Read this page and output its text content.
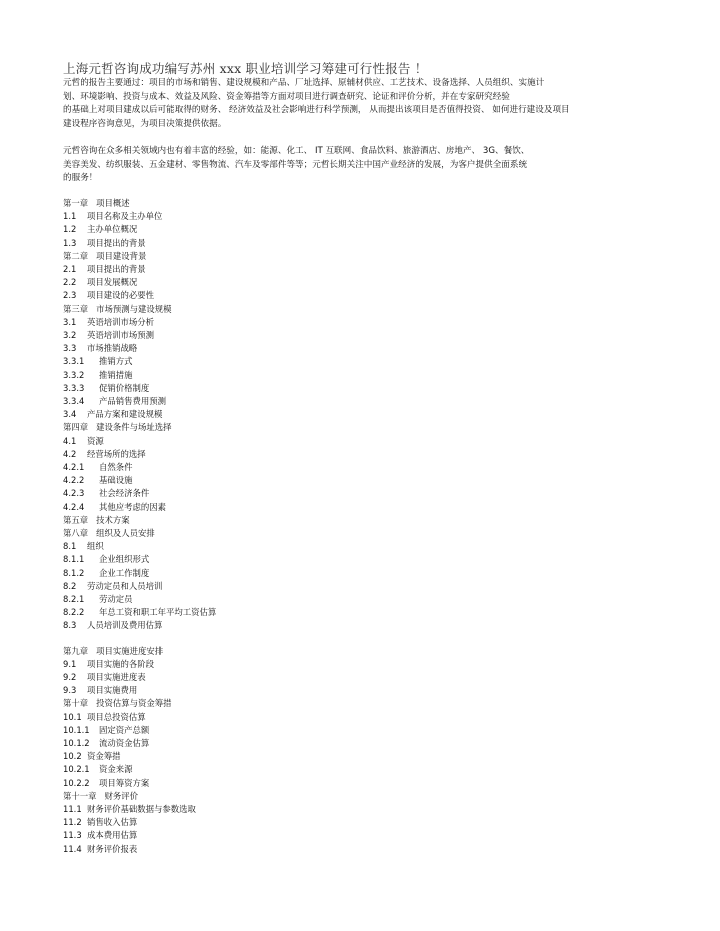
上海元哲咨询成功编写苏州 xxx 职业培训学习筹建可行性报告 ！
元哲的报告主要通过：项目的市场和销售、建设规模和产品、厂址选择、原辅材供应、工艺技术、设备选择、人员组织、实施计
划、环境影响、投资与成本、效益及风险、资金筹措等方面对项目进行调查研究、论证和评价分析，并在专家研究经验
的基础上对项目建成以后可能取得的财务、 经济效益及社会影响进行科学预测， 从而提出该项目是否值得投资、 如何进行建设及项目
建设程序咨询意见，为项目决策提供依据。
元哲咨询在众多相关领域内也有着丰富的经验，如：能源、化工、 IT 互联网、食品饮料、旅游酒店、房地产、 3G、餐饮、
美容美发、纺织服装、五金建材、零售物流、汽车及零部件等等；元哲长期关注中国产业经济的发展，为客户提供全面系统
的服务！
第一章 项目概述
1.1 项目名称及主办单位
1.2 主办单位概况
1.3 项目提出的背景
第二章 项目建设背景
2.1 项目提出的背景
2.2 项目发展概况
2.3 项目建设的必要性
第三章 市场预测与建设规模
3.1 英语培训市场分析
3.2 英语培训市场预测
3.3 市场推销战略
3.3.1 推销方式
3.3.2 推销措施
3.3.3 促销价格制度
3.3.4 产品销售费用预测
3.4 产品方案和建设规模
第四章 建设条件与场址选择
4.1 资源
4.2 经营场所的选择
4.2.1 自然条件
4.2.2 基础设施
4.2.3 社会经济条件
4.2.4 其他应考虑的因素
第五章 技术方案
第八章 组织及人员安排
8.1 组织
8.1.1 企业组织形式
8.1.2 企业工作制度
8.2 劳动定员和人员培训
8.2.1 劳动定员
8.2.2 年总工资和职工年平均工资估算
8.3 人员培训及费用估算
第九章 项目实施进度安排
9.1 项目实施的各阶段
9.2 项目实施进度表
9.3 项目实施费用
第十章 投资估算与资金筹措
10.1 项目总投资估算
10.1.1 固定资产总额
10.1.2 流动资金估算
10.2 资金筹措
10.2.1 资金来源
10.2.2 项目筹资方案
第十一章 财务评价
11.1 财务评价基础数据与参数选取
11.2 销售收入估算
11.3 成本费用估算
11.4 财务评价报表
